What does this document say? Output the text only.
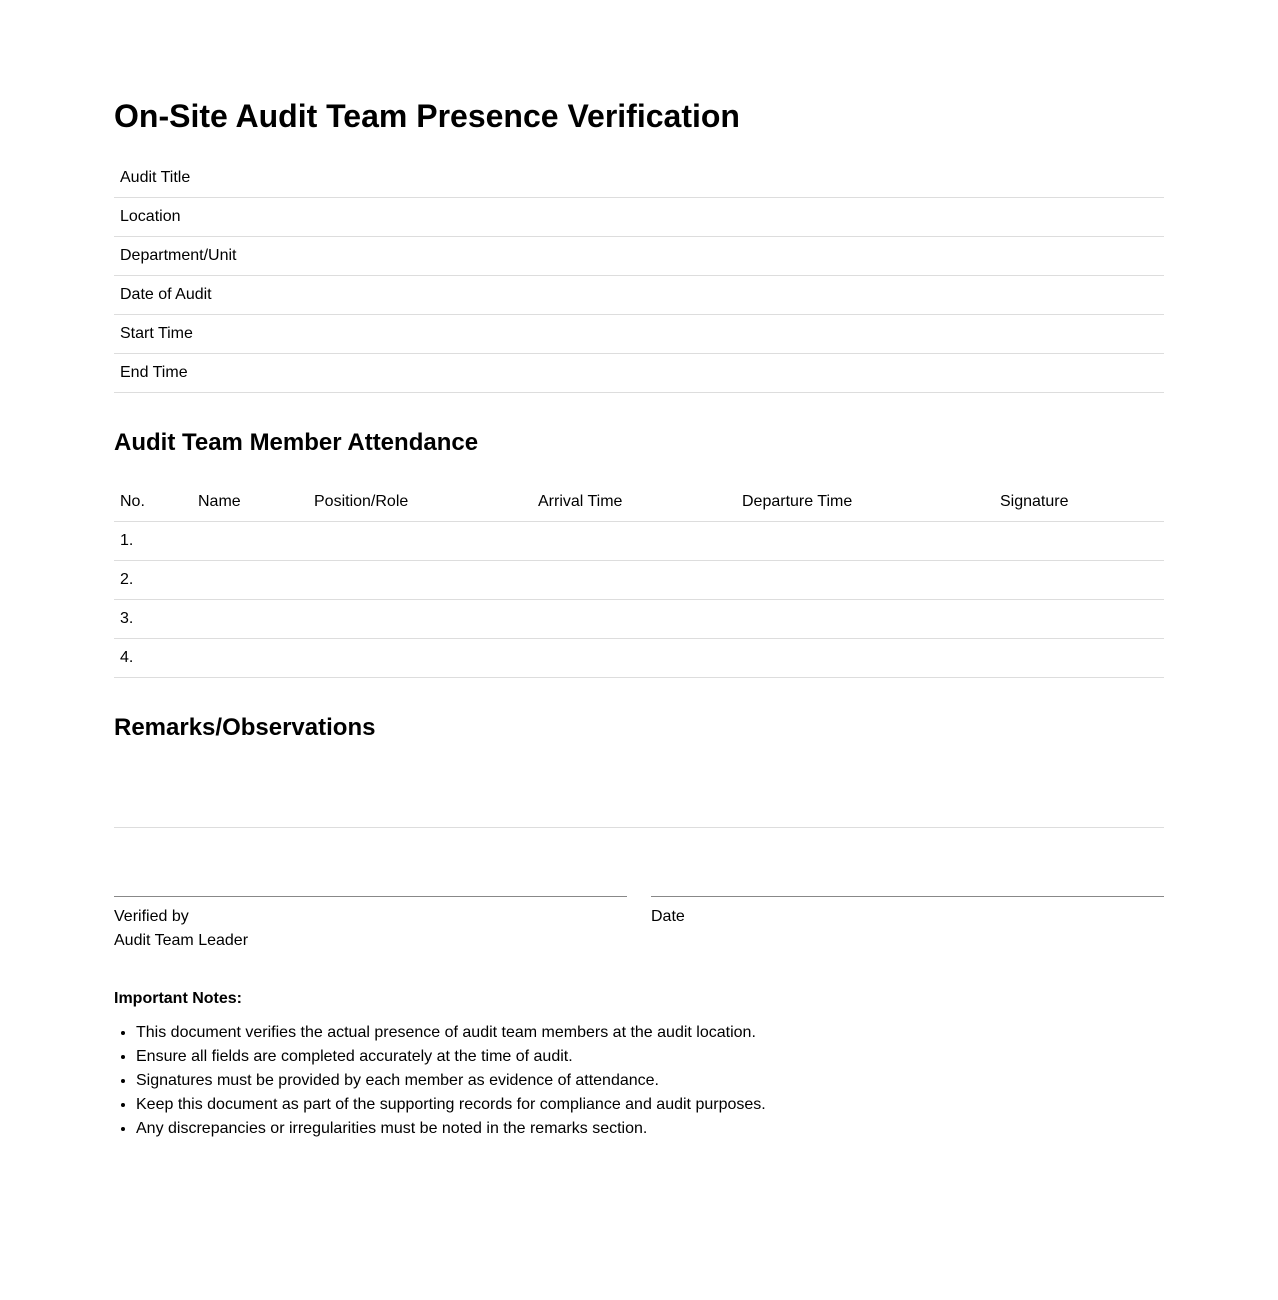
On-Site Audit Team Presence Verification
Audit Title
Location
Department/Unit
Date of Audit
Start Time
End Time
Audit Team Member Attendance
No.	Name	Position/Role	Arrival Time	Departure Time	Signature
1.					
2.					
3.					
4.					
Remarks/Observations
Verified by
Audit Team Leader
Date
Important Notes:
• This document verifies the actual presence of audit team members at the audit location.
• Ensure all fields are completed accurately at the time of audit.
• Signatures must be provided by each member as evidence of attendance.
• Keep this document as part of the supporting records for compliance and audit purposes.
• Any discrepancies or irregularities must be noted in the remarks section.
